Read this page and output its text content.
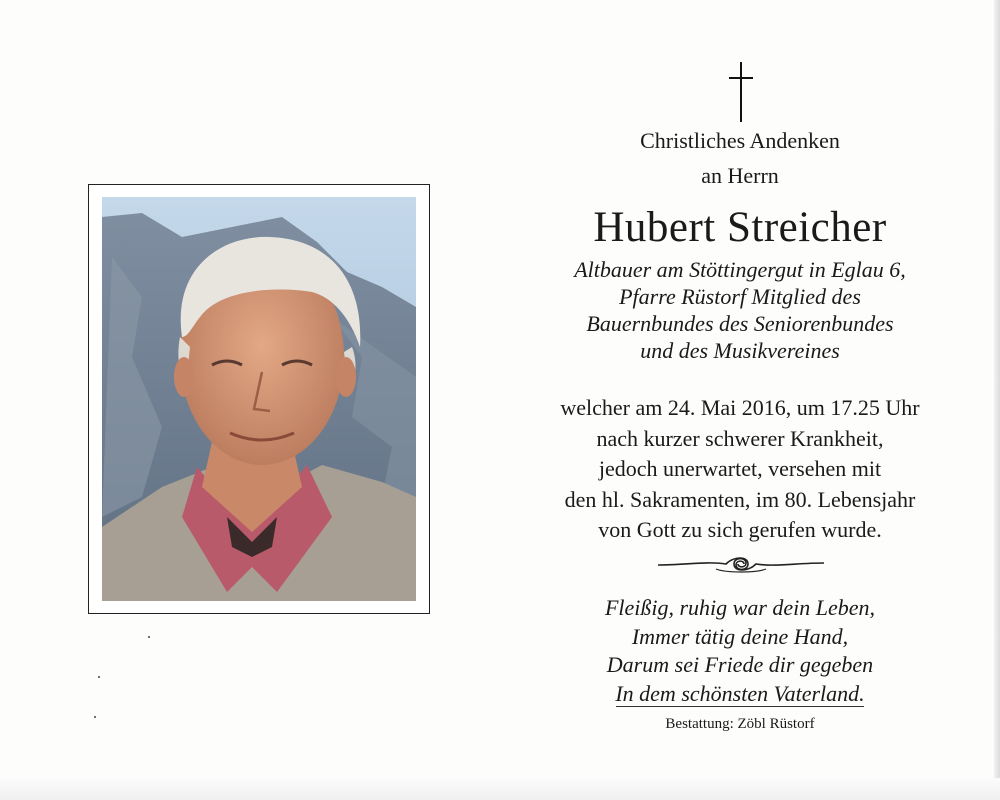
Christliches Andenken
an Herrn
Hubert Streicher
Altbauer am Stöttingergut in Eglau 6,
Pfarre Rüstorf Mitglied des
Bauernbundes des Seniorenbundes
und des Musikvereines
welcher am 24. Mai 2016, um 17.25 Uhr
nach kurzer schwerer Krankheit,
jedoch unerwartet, versehen mit
den hl. Sakramenten, im 80. Lebensjahr
von Gott zu sich gerufen wurde.
Fleißig, ruhig war dein Leben,
Immer tätig deine Hand,
Darum sei Friede dir gegeben
In dem schönsten Vaterland.
Bestattung: Zöbl Rüstorf
